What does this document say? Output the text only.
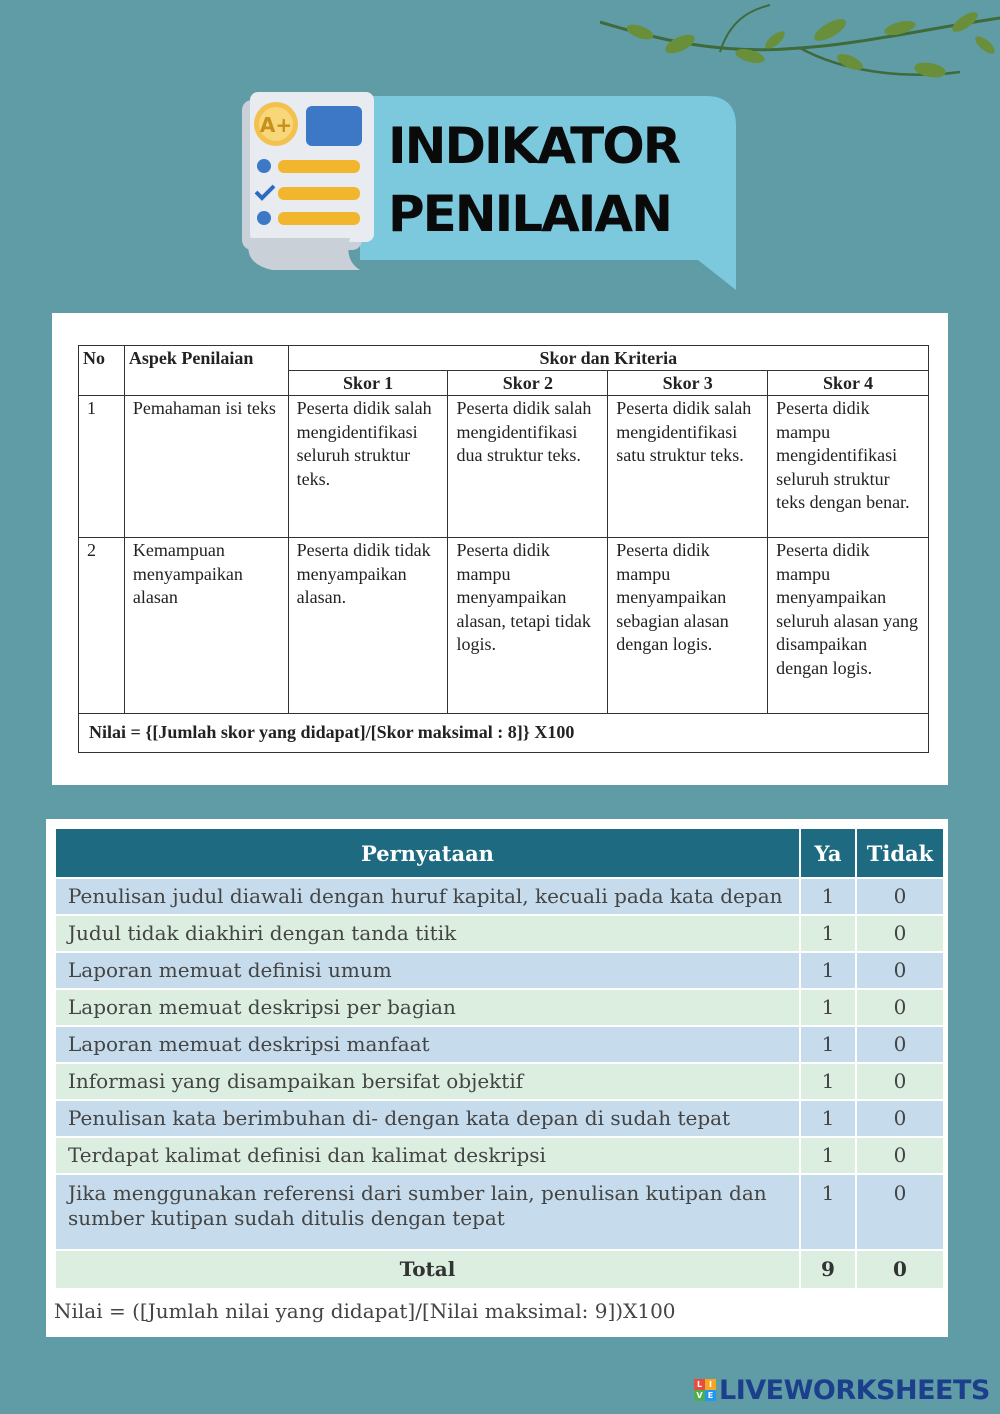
A+ INDIKATOR
PENILAIAN
No	Aspek Penilaian	Skor dan Kriteria			
		Skor 1	Skor 2	Skor 3	Skor 4
1	Pemahaman isi teks	Peserta didik salah mengidentifikasi seluruh struktur teks.	Peserta didik salah mengidentifikasi dua struktur teks.	Peserta didik salah mengidentifikasi satu struktur teks.	Peserta didik mampu mengidentifikasi seluruh struktur teks dengan benar.
2	Kemampuan menyampaikan alasan	Peserta didik tidak menyampaikan alasan.	Peserta didik mampu menyampaikan alasan, tetapi tidak logis.	Peserta didik mampu menyampaikan sebagian alasan dengan logis.	Peserta didik mampu menyampaikan seluruh alasan yang disampaikan dengan logis.
Nilai = {[Jumlah skor yang didapat]/[Skor maksimal : 8]} X100					
Pernyataan	Ya	Tidak
Penulisan judul diawali dengan huruf kapital, kecuali pada kata depan	1	0
Judul tidak diakhiri dengan tanda titik	1	0
Laporan memuat definisi umum	1	0
Laporan memuat deskripsi per bagian	1	0
Laporan memuat deskripsi manfaat	1	0
Informasi yang disampaikan bersifat objektif	1	0
Penulisan kata berimbuhan di- dengan kata depan di sudah tepat	1	0
Terdapat kalimat definisi dan kalimat deskripsi	1	0
Jika menggunakan referensi dari sumber lain, penulisan kutipan dan sumber kutipan sudah ditulis dengan tepat	1	0
Total	9	0
Nilai = ([Jumlah nilai yang didapat]/[Nilai maksimal: 9])X100
L I
V E LIVEWORKSHEETS
